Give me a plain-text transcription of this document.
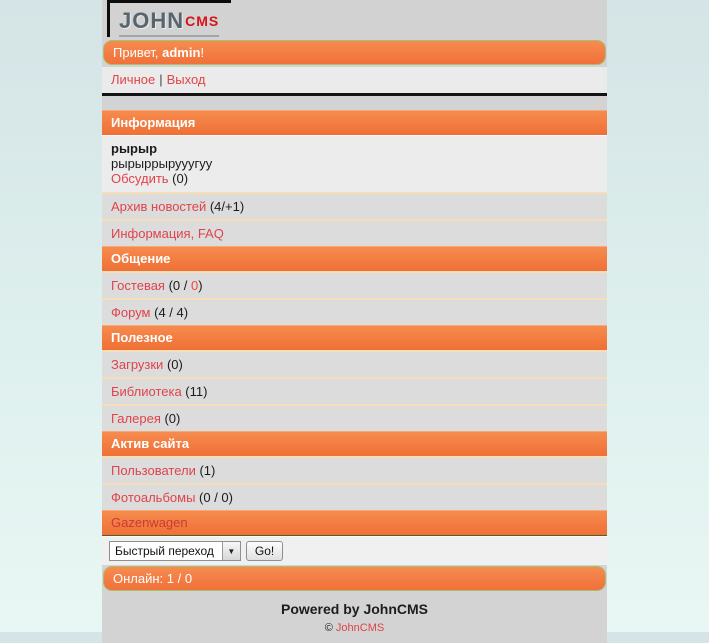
JOHNCMS
Привет, admin!
Личное | Выход
Информация
рырыр
рырыррырууугуу
Обсудить (0)
Архив новостей (4/+1)
Информация, FAQ
Общение
Гостевая (0 / 0)
Форум (4 / 4)
Полезное
Загрузки (0)
Библиотека (11)
Галерея (0)
Актив сайта
Пользователи (1)
Фотоальбомы (0 / 0)
Gazenwagen
Быстрый переход	▼	Go!
Онлайн: 1 / 0
Powered by JohnCMS
© JohnCMS
